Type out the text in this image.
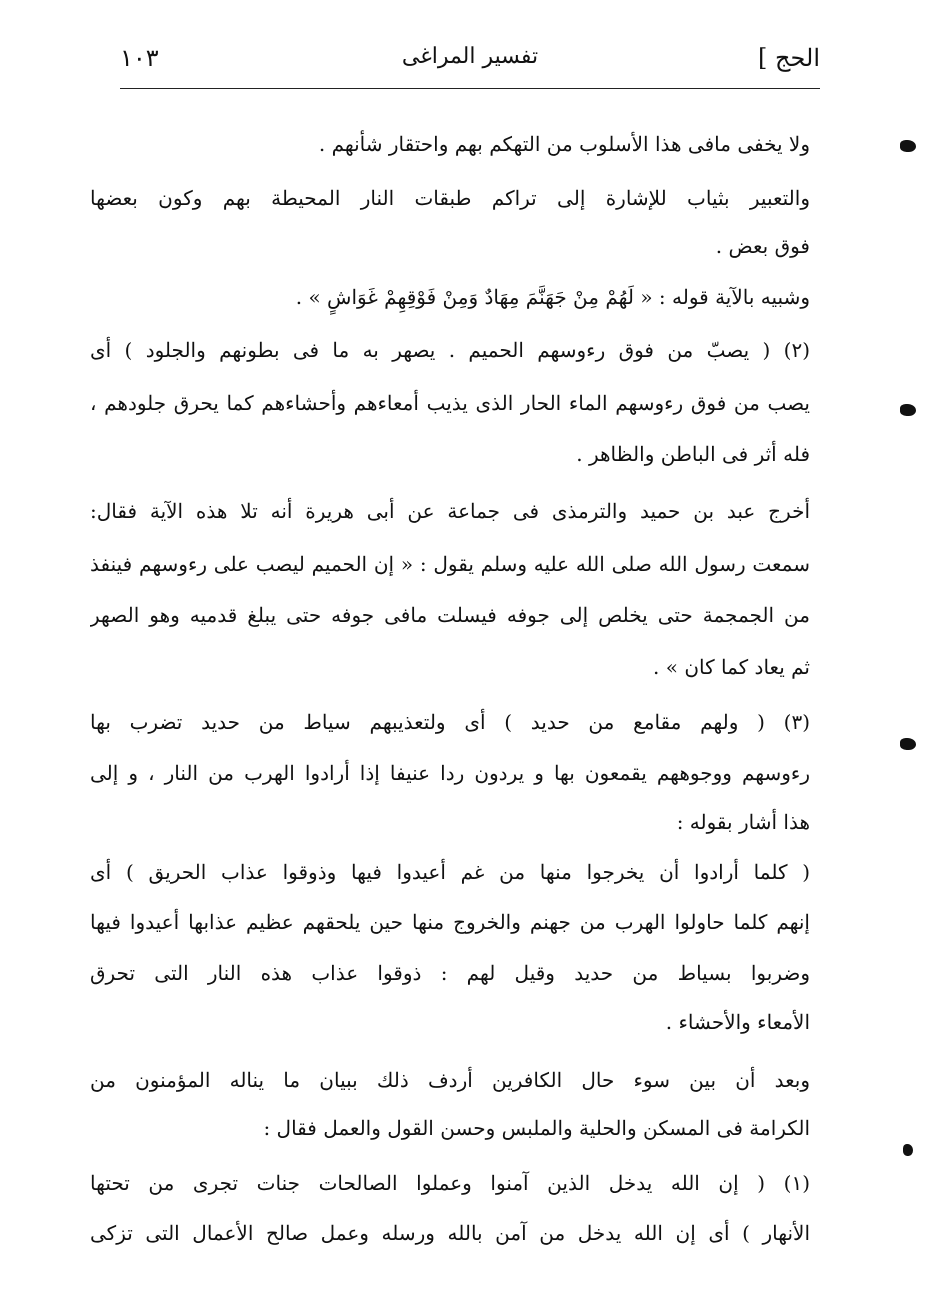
الحج ]
تفسير المراغى
١٠٣
ولا يخفى مافى هذا الأسلوب من التهكم بهم واحتقار شأنهم .
والتعبير بثياب للإشارة إلى تراكم طبقات النار المحيطة بهم وكون بعضها
فوق بعض .
وشبيه بالآية قوله : « لَهُمْ مِنْ جَهَنَّمَ مِهَادٌ وَمِنْ فَوْقِهِمْ غَوَاشٍ » .
(٢) ( يصبّ من فوق رءوسهم الحميم . يصهر به ما فى بطونهم والجلود ) أى
يصب من فوق رءوسهم الماء الحار الذى يذيب أمعاءهم وأحشاءهم كما يحرق جلودهم ،
فله أثر فى الباطن والظاهر .
أخرج عبد بن حميد والترمذى فى جماعة عن أبى هريرة أنه تلا هذه الآية فقال:
سمعت رسول الله صلى الله عليه وسلم يقول : « إن الحميم ليصب على رءوسهم فينفذ
من الجمجمة حتى يخلص إلى جوفه فيسلت مافى جوفه حتى يبلغ قدميه وهو الصهر
ثم يعاد كما كان » .
(٣) ( ولهم مقامع من حديد ) أى ولتعذيبهم سياط من حديد تضرب بها
رءوسهم ووجوههم يقمعون بها و يردون ردا عنيفا إذا أرادوا الهرب من النار ، و إلى
هذا أشار بقوله :
( كلما أرادوا أن يخرجوا منها من غم أعيدوا فيها وذوقوا عذاب الحريق ) أى
إنهم كلما حاولوا الهرب من جهنم والخروج منها حين يلحقهم عظيم عذابها أعيدوا فيها
وضربوا بسياط من حديد وقيل لهم : ذوقوا عذاب هذه النار التى تحرق
الأمعاء والأحشاء .
وبعد أن بين سوء حال الكافرين أردف ذلك ببيان ما يناله المؤمنون من
الكرامة فى المسكن والحلية والملبس وحسن القول والعمل فقال :
(١) ( إن الله يدخل الذين آمنوا وعملوا الصالحات جنات تجرى من تحتها
الأنهار ) أى إن الله يدخل من آمن بالله ورسله وعمل صالح الأعمال التى تزكى
